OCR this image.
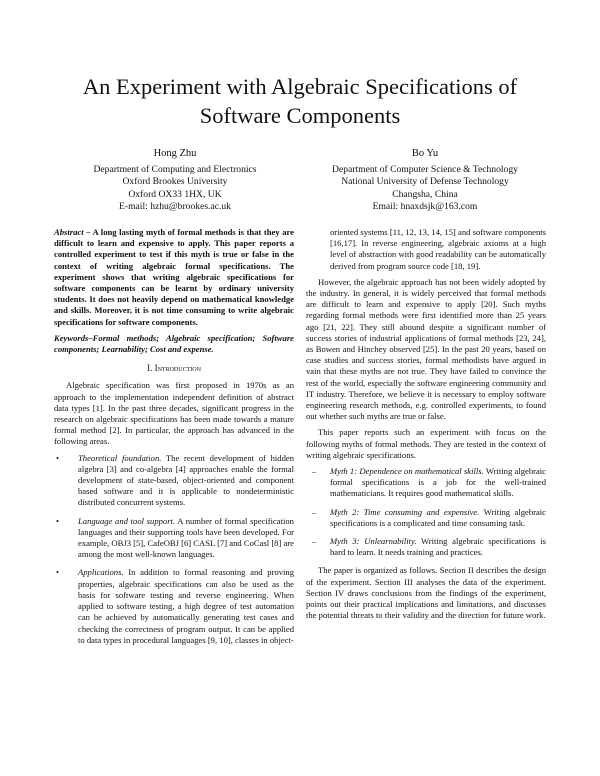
An Experiment with Algebraic Specifications of Software Components
Hong Zhu
Department of Computing and Electronics
Oxford Brookes University
Oxford OX33 1HX, UK
E-mail: hzhu@brookes.ac.uk
Bo Yu
Department of Computer Science & Technology
National University of Defense Technology
Changsha, China
Email: hnaxdsjk@163.com

Abstract – A long lasting myth of formal methods is that they are difficult to learn and expensive to apply. This paper reports a controlled experiment to test if this myth is true or false in the context of writing algebraic formal specifications. The experiment shows that writing algebraic specifications for software components can be learnt by ordinary university students. It does not heavily depend on mathematical knowledge and skills. Moreover, it is not time consuming to write algebraic specifications for software components.

Keywords–Formal methods; Algebraic specification; Software components; Learnability; Cost and expense.

I. Introduction

Algebraic specification was first proposed in 1970s as an approach to the implementation independent definition of abstract data types [1]. In the past three decades, significant progress in the research on algebraic specifications has been made towards a mature formal method [2]. In particular, the approach has advanced in the following areas.

• Theoretical foundation. The recent development of hidden algebra [3] and co-algebra [4] approaches enable the formal development of state-based, object-oriented and component based software and it is applicable to nondeterministic distributed concurrent systems.
• Language and tool support. A number of formal specification languages and their supporting tools have been developed. For example, OBJ3 [5], CafeOBJ [6] CASL [7] and CoCasl [8] are among the most well-known languages.
• Applications. In addition to formal reasoning and proving properties, algebraic specifications can also be used as the basis for software testing and reverse engineering. When applied to software testing, a high degree of test automation can be achieved by automatically generating test cases and checking the correctness of program output. It can be applied to data types in procedural languages [9, 10], classes in object-

oriented systems [11, 12, 13, 14, 15] and software components [16,17]. In reverse engineering, algebraic axioms at a high level of abstraction with good readability can be automatically derived from program source code [18, 19].

However, the algebraic approach has not been widely adopted by the industry. In general, it is widely perceived that formal methods are difficult to learn and expensive to apply [20]. Such myths regarding formal methods were first identified more than 25 years ago [21, 22]. They still abound despite a significant number of success stories of industrial applications of formal methods [23, 24], as Bowen and Hinchey observed [25]. In the past 20 years, based on case studies and success stories, formal methodists have argued in vain that these myths are not true. They have failed to convince the rest of the world, especially the software engineering community and IT industry. Therefore, we believe it is necessary to employ software engineering research methods, e.g. controlled experiments, to found out whether such myths are true or false.

This paper reports such an experiment with focus on the following myths of formal methods. They are tested in the context of writing algebraic specifications.

– Myth 1: Dependence on mathematical skills. Writing algebraic formal specifications is a job for the well-trained mathematicians. It requires good mathematical skills.
– Myth 2: Time consuming and expensive. Writing algebraic specifications is a complicated and time consuming task.
– Myth 3: Unlearnability. Writing algebraic specifications is hard to learn. It needs training and practices.

The paper is organized as follows. Section II describes the design of the experiment. Section III analyses the data of the experiment. Section IV draws conclusions from the findings of the experiment, points out their practical implications and limitations, and discusses the potential threats to their validity and the direction for future work.
